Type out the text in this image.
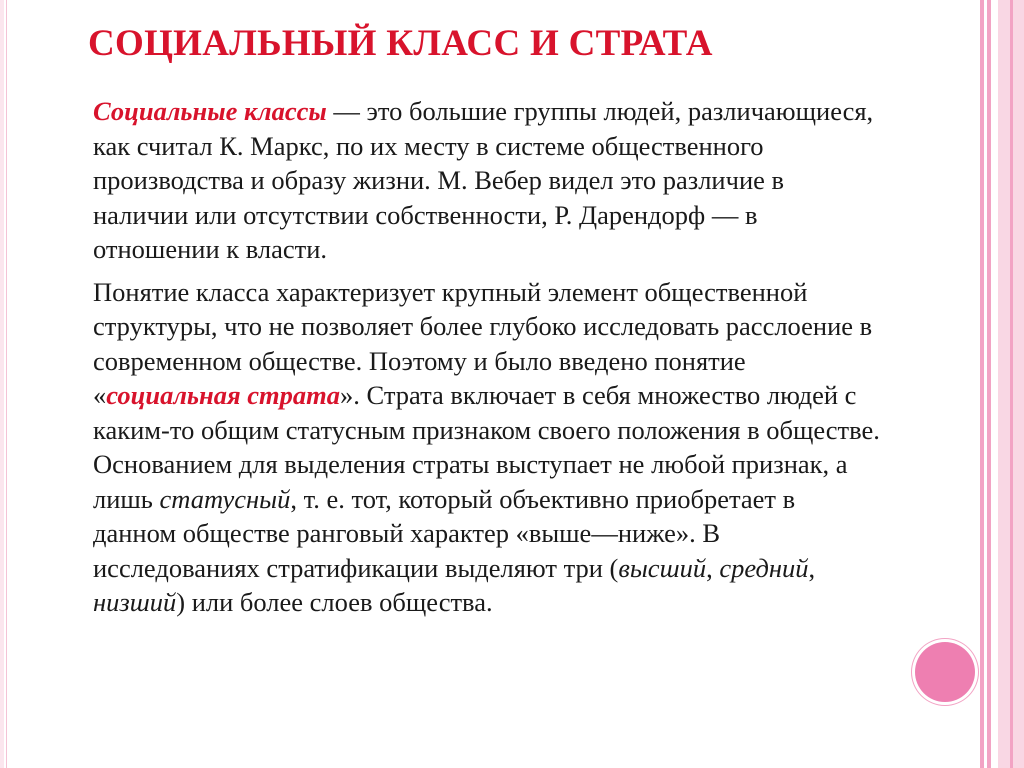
СОЦИАЛЬНЫЙ КЛАСС И СТРАТА

Социальные классы — это большие группы людей, различающиеся, как считал К. Маркс, по их месту в системе общественного производства и образу жизни. М. Вебер видел это различие в наличии или отсутствии собственности, Р. Дарендорф — в отношении к власти.

Понятие класса характеризует крупный элемент общественной структуры, что не позволяет более глубоко исследовать расслоение в современном обществе. Поэтому и было введено понятие «социальная страта». Страта включает в себя множество людей с каким-то общим статусным признаком своего положения в обществе. Основанием для выделения страты выступает не любой признак, а лишь статусный, т. е. тот, который объективно приобретает в данном обществе ранговый характер «выше—ниже». В исследованиях стратификации выделяют три (высший, средний, низший) или более слоев общества.
